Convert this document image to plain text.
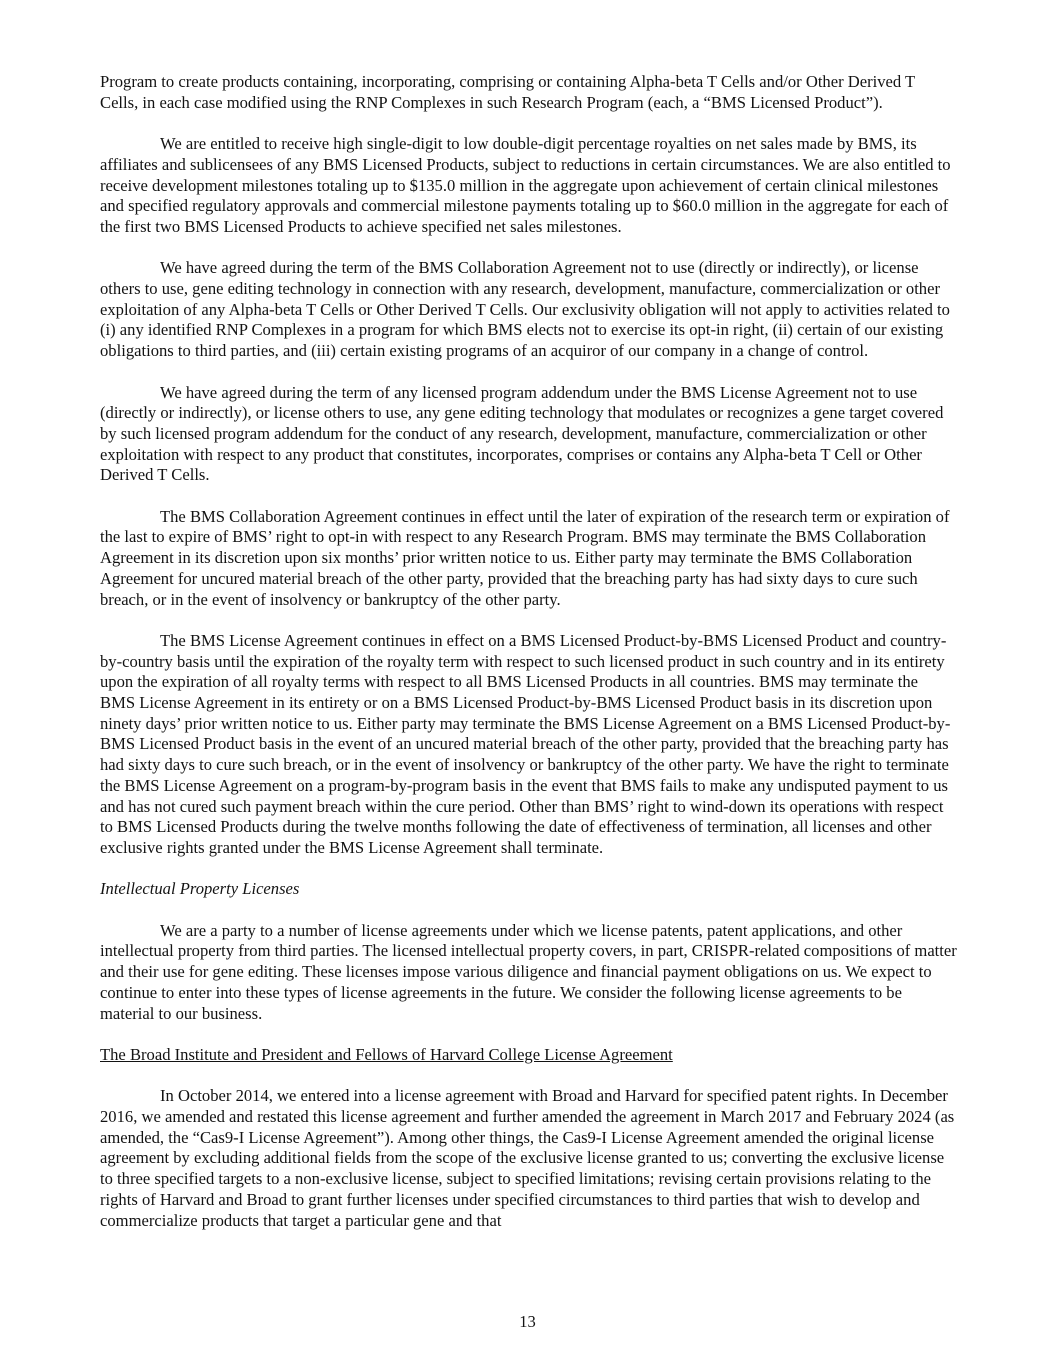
Program to create products containing, incorporating, comprising or containing Alpha-beta T Cells and/or Other Derived T Cells, in each case modified using the RNP Complexes in such Research Program (each, a “BMS Licensed Product”).

We are entitled to receive high single-digit to low double-digit percentage royalties on net sales made by BMS, its affiliates and sublicensees of any BMS Licensed Products, subject to reductions in certain circumstances. We are also entitled to receive development milestones totaling up to $135.0 million in the aggregate upon achievement of certain clinical milestones and specified regulatory approvals and commercial milestone payments totaling up to $60.0 million in the aggregate for each of the first two BMS Licensed Products to achieve specified net sales milestones.

We have agreed during the term of the BMS Collaboration Agreement not to use (directly or indirectly), or license others to use, gene editing technology in connection with any research, development, manufacture, commercialization or other exploitation of any Alpha-beta T Cells or Other Derived T Cells. Our exclusivity obligation will not apply to activities related to (i) any identified RNP Complexes in a program for which BMS elects not to exercise its opt-in right, (ii) certain of our existing obligations to third parties, and (iii) certain existing programs of an acquiror of our company in a change of control.

We have agreed during the term of any licensed program addendum under the BMS License Agreement not to use (directly or indirectly), or license others to use, any gene editing technology that modulates or recognizes a gene target covered by such licensed program addendum for the conduct of any research, development, manufacture, commercialization or other exploitation with respect to any product that constitutes, incorporates, comprises or contains any Alpha-beta T Cell or Other Derived T Cells.

The BMS Collaboration Agreement continues in effect until the later of expiration of the research term or expiration of the last to expire of BMS’ right to opt-in with respect to any Research Program. BMS may terminate the BMS Collaboration Agreement in its discretion upon six months’ prior written notice to us. Either party may terminate the BMS Collaboration Agreement for uncured material breach of the other party, provided that the breaching party has had sixty days to cure such breach, or in the event of insolvency or bankruptcy of the other party.

The BMS License Agreement continues in effect on a BMS Licensed Product-by-BMS Licensed Product and country-by-country basis until the expiration of the royalty term with respect to such licensed product in such country and in its entirety upon the expiration of all royalty terms with respect to all BMS Licensed Products in all countries. BMS may terminate the BMS License Agreement in its entirety or on a BMS Licensed Product-by-BMS Licensed Product basis in its discretion upon ninety days’ prior written notice to us. Either party may terminate the BMS License Agreement on a BMS Licensed Product-by-BMS Licensed Product basis in the event of an uncured material breach of the other party, provided that the breaching party has had sixty days to cure such breach, or in the event of insolvency or bankruptcy of the other party. We have the right to terminate the BMS License Agreement on a program-by-program basis in the event that BMS fails to make any undisputed payment to us and has not cured such payment breach within the cure period. Other than BMS’ right to wind-down its operations with respect to BMS Licensed Products during the twelve months following the date of effectiveness of termination, all licenses and other exclusive rights granted under the BMS License Agreement shall terminate.

Intellectual Property Licenses

We are a party to a number of license agreements under which we license patents, patent applications, and other intellectual property from third parties. The licensed intellectual property covers, in part, CRISPR-related compositions of matter and their use for gene editing. These licenses impose various diligence and financial payment obligations on us. We expect to continue to enter into these types of license agreements in the future. We consider the following license agreements to be material to our business.

The Broad Institute and President and Fellows of Harvard College License Agreement

In October 2014, we entered into a license agreement with Broad and Harvard for specified patent rights. In December 2016, we amended and restated this license agreement and further amended the agreement in March 2017 and February 2024 (as amended, the “Cas9-I License Agreement”). Among other things, the Cas9-I License Agreement amended the original license agreement by excluding additional fields from the scope of the exclusive license granted to us; converting the exclusive license to three specified targets to a non-exclusive license, subject to specified limitations; revising certain provisions relating to the rights of Harvard and Broad to grant further licenses under specified circumstances to third parties that wish to develop and commercialize products that target a particular gene and that

13
